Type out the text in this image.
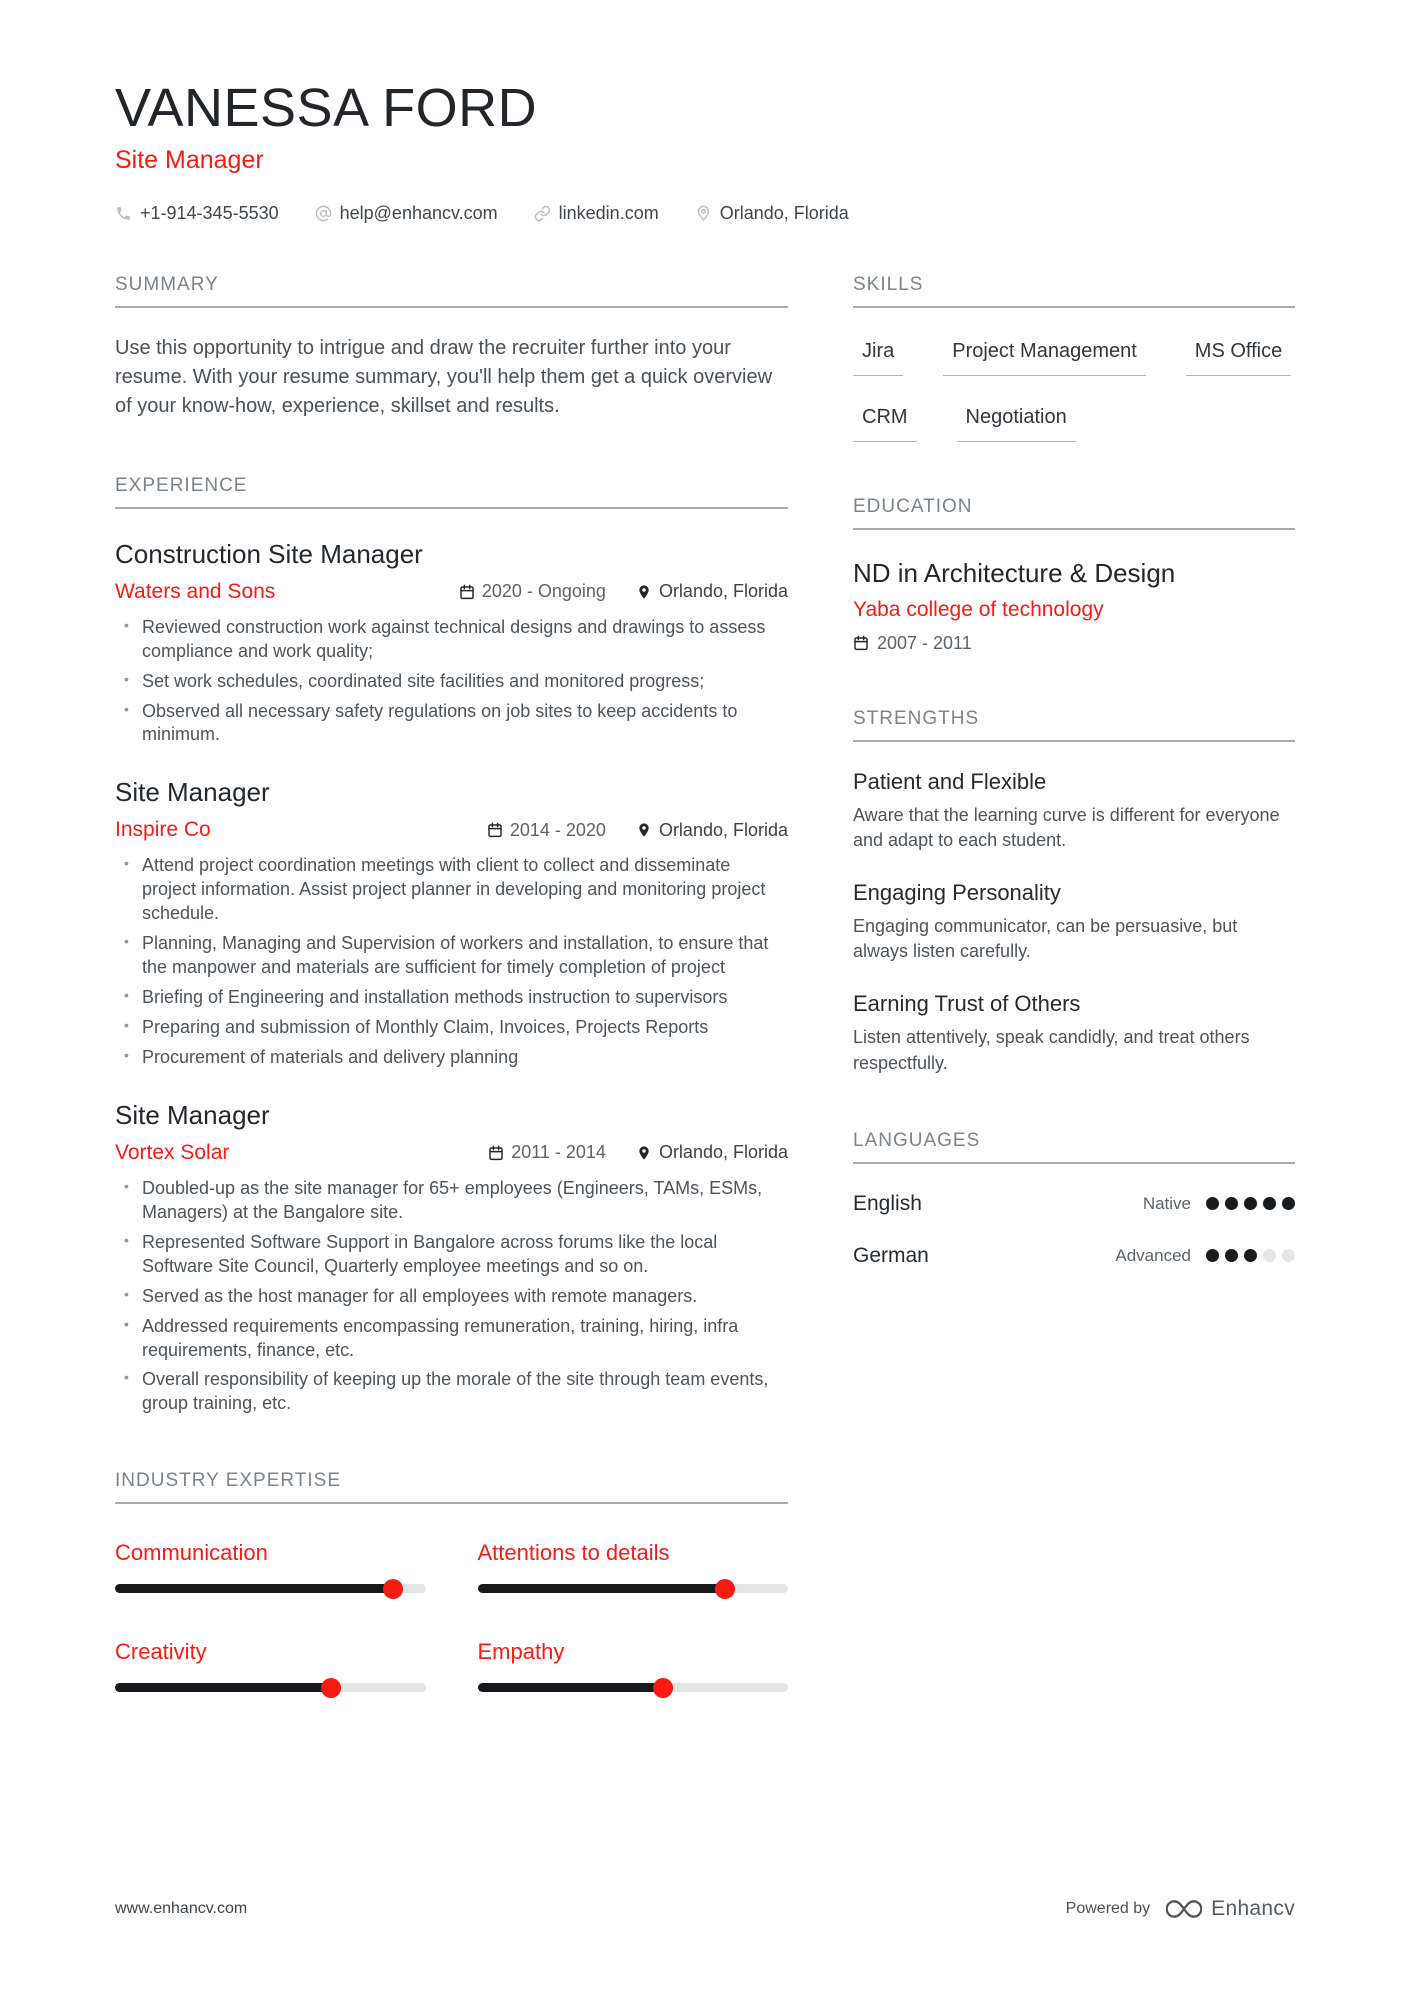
VANESSA FORD
Site Manager
+1-914-345-5530	help@enhancv.com	linkedin.com	Orlando, Florida
SUMMARY

Use this opportunity to intrigue and draw the recruiter further into your resume. With your resume summary, you'll help them get a quick overview of your know-how, experience, skillset and results.

EXPERIENCE
Construction Site Manager
Waters and Sons	2020 - Ongoing	Orlando, Florida
• Reviewed construction work against technical designs and drawings to assess compliance and work quality;
• Set work schedules, coordinated site facilities and monitored progress;
• Observed all necessary safety regulations on job sites to keep accidents to minimum.
Site Manager
Inspire Co	2014 - 2020	Orlando, Florida
• Attend project coordination meetings with client to collect and disseminate project information. Assist project planner in developing and monitoring project schedule.
• Planning, Managing and Supervision of workers and installation, to ensure that the manpower and materials are sufficient for timely completion of project
• Briefing of Engineering and installation methods instruction to supervisors
• Preparing and submission of Monthly Claim, Invoices, Projects Reports
• Procurement of materials and delivery planning
Site Manager
Vortex Solar	2011 - 2014	Orlando, Florida
• Doubled-up as the site manager for 65+ employees (Engineers, TAMs, ESMs, Managers) at the Bangalore site.
• Represented Software Support in Bangalore across forums like the local Software Site Council, Quarterly employee meetings and so on.
• Served as the host manager for all employees with remote managers.
• Addressed requirements encompassing remuneration, training, hiring, infra requirements, finance, etc.
• Overall responsibility of keeping up the morale of the site through team events, group training, etc.
INDUSTRY EXPERTISE
Communication	Attentions to details
Creativity	Empathy
SKILLS
Jira	Project Management	MS Office
CRM	Negotiation
EDUCATION
ND in Architecture & Design
Yaba college of technology
2007 - 2011
STRENGTHS
Patient and Flexible
Aware that the learning curve is different for everyone and adapt to each student.
Engaging Personality
Engaging communicator, can be persuasive, but always listen carefully.
Earning Trust of Others
Listen attentively, speak candidly, and treat others respectfully.
LANGUAGES
English	Native
German	Advanced
www.enhancv.com	Powered by	Enhancv
